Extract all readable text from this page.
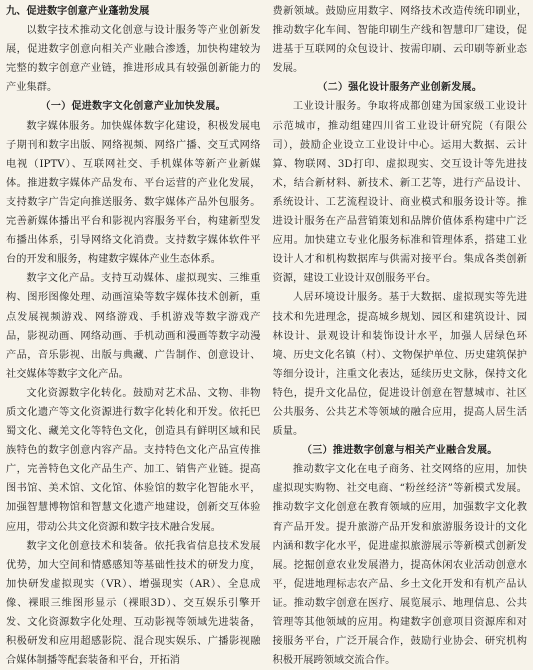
九、促进数字创意产业蓬勃发展

以数字技术推动文化创意与设计服务等产业创新发展，促进数字创意向相关产业融合渗透，加快构建较为完整的数字创意产业链，推进形成具有较强创新能力的产业集群。

（一）促进数字文化创意产业加快发展。

数字媒体服务。加快媒体数字化建设，积极发展电子期刊和数字出版、网络视频、网络广播、交互式网络电视（IPTV）、互联网社交、手机媒体等新产业新媒体。推进数字媒体产品发布、平台运营的产业化发展，支持数字广告定向推送服务、数字媒体产品外包服务。完善新媒体播出平台和影视内容服务平台，构建新型发布播出体系，引导网络文化消费。支持数字媒体软件平台的开发和服务，构建数字媒体产业生态体系。

数字文化产品。支持互动媒体、虚拟现实、三维重构、图形图像处理、动画渲染等数字媒体技术创新，重点发展视频游戏、网络游戏、手机游戏等数字游戏产品，影视动画、网络动画、手机动画和漫画等数字动漫产品，音乐影视、出版与典藏、广告制作、创意设计、社交媒体等数字文化产品。

文化资源数字化转化。鼓励对艺术品、文物、非物质文化遗产等文化资源进行数字化转化和开发。依托巴蜀文化、藏羌文化等特色文化，创造具有鲜明区域和民族特色的数字创意内容产品。支持特色文化产品宣传推广，完善特色文化产品生产、加工、销售产业链。提高图书馆、美术馆、文化馆、体验馆的数字化智能水平，加强智慧博物馆和智慧文化遗产地建设，创新交互体验应用，带动公共文化资源和数字技术融合发展。

数字文化创意技术和装备。依托我省信息技术发展优势，加大空间和情感感知等基础性技术的研发力度，加快研发虚拟现实（VR）、增强现实（AR）、全息成像、裸眼三维图形显示（裸眼3D）、交互娱乐引擎开发、文化资源数字化处理、互动影视等领域先进装备，积极研发和应用超感影院、混合现实娱乐、广播影视融合媒体制播等配套装备和平台，开拓消

费新领域。鼓励应用数字、网络技术改造传统印刷业，推动数字化车间、智能印刷生产线和智慧印厂建设，促进基于互联网的众包设计、按需印刷、云印刷等新业态发展。

（二）强化设计服务产业创新发展。

工业设计服务。争取将成都创建为国家级工业设计示范城市，推动组建四川省工业设计研究院（有限公司），鼓励企业设立工业设计中心。运用大数据、云计算、物联网、3D打印、虚拟现实、交互设计等先进技术，结合新材料、新技术、新工艺等，进行产品设计、系统设计、工艺流程设计、商业模式和服务设计等。推进设计服务在产品营销策划和品牌价值体系构建中广泛应用。加快建立专业化服务标准和管理体系，搭建工业设计人才和机构数据库与供需对接平台。集成各类创新资源，建设工业设计双创服务平台。

人居环境设计服务。基于大数据、虚拟现实等先进技术和先进理念，提高城乡规划、园区和建筑设计、园林设计、景观设计和装饰设计水平，加强人居绿色环境、历史文化名镇（村）、文物保护单位、历史建筑保护等细分设计，注重文化表达，延续历史文脉，保持文化特色，提升文化品位，促进设计创意在智慧城市、社区公共服务、公共艺术等领域的融合应用，提高人居生活质量。

（三）推进数字创意与相关产业融合发展。

推动数字文化在电子商务、社交网络的应用，加快虚拟现实购物、社交电商、“粉丝经济”等新模式发展。推动数字文化创意在教育领域的应用，加强数字文化教育产品开发。提升旅游产品开发和旅游服务设计的文化内涵和数字化水平，促进虚拟旅游展示等新模式创新发展。挖掘创意农业发展潜力，提高休闲农业活动创意水平，促进地理标志农产品、乡土文化开发和有机产品认证。推动数字创意在医疗、展览展示、地理信息、公共管理等其他领域的应用。构建数字创意项目资源库和对接服务平台，广泛开展合作，鼓励行业协会、研究机构积极开展跨领域交流合作。
